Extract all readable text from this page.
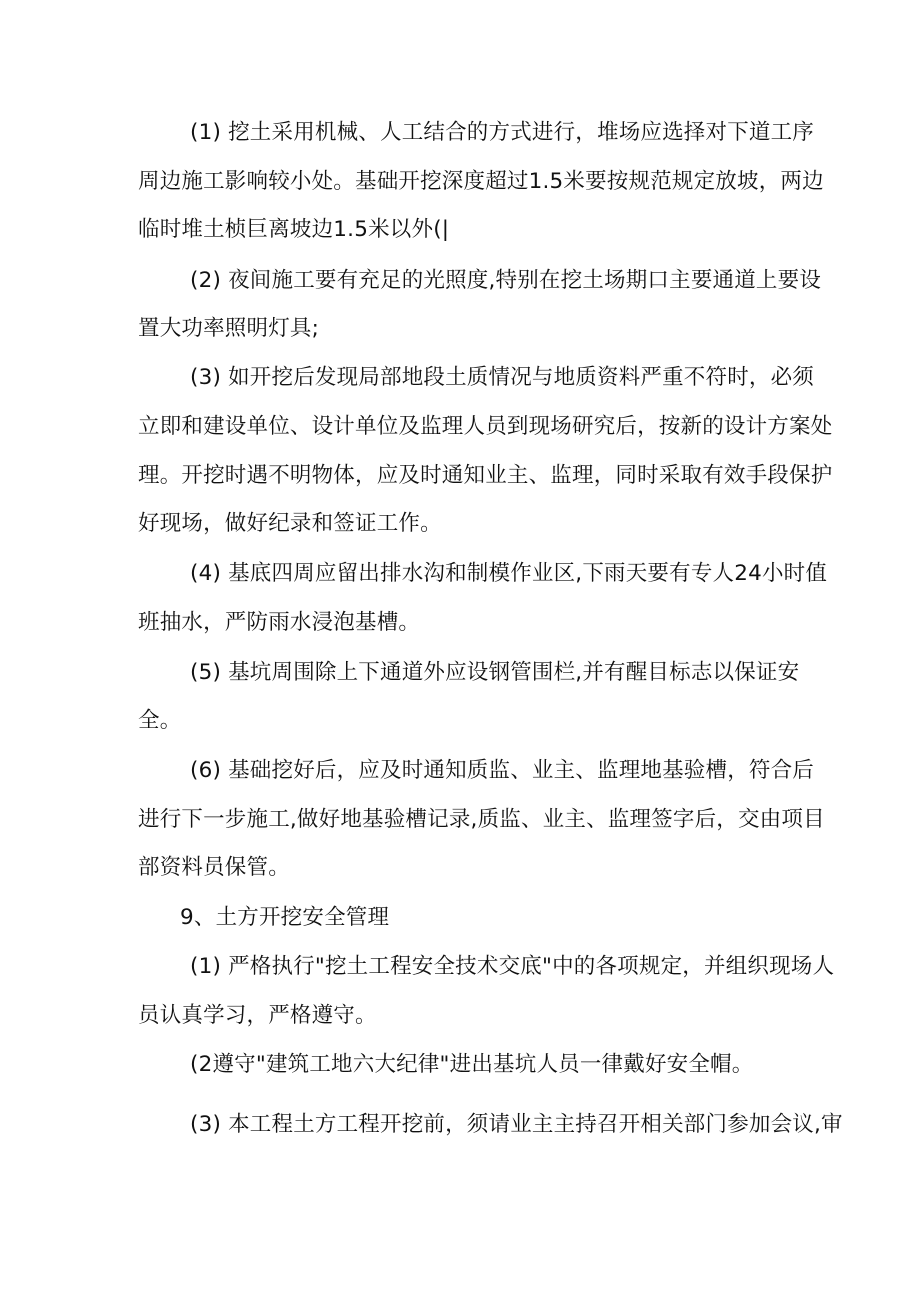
(1) 挖土采用机械、人工结合的方式进行，堆场应选择对下道工序
周边施工影响较小处。基础开挖深度超过1.5米要按规范规定放坡，两边
临时堆土桢巨离坡边1.5米以外(|
(2) 夜间施工要有充足的光照度,特别在挖土场期口主要通道上要设
置大功率照明灯具;
(3) 如开挖后发现局部地段土质情况与地质资料严重不符时，必须
立即和建设单位、设计单位及监理人员到现场研究后，按新的设计方案处
理。开挖时遇不明物体，应及时通知业主、监理，同时采取有效手段保护
好现场，做好纪录和签证工作。
(4) 基底四周应留出排水沟和制模作业区,下雨天要有专人24小时值
班抽水，严防雨水浸泡基槽。
(5) 基坑周围除上下通道外应设钢管围栏,并有醒目标志以保证安
全。
(6) 基础挖好后，应及时通知质监、业主、监理地基验槽，符合后
进行下一步施工,做好地基验槽记录,质监、业主、监理签字后，交由项目
部资料员保管。
9、土方开挖安全管理
(1) 严格执行"挖土工程安全技术交底"中的各项规定，并组织现场人
员认真学习，严格遵守。
(2遵守"建筑工地六大纪律"进出基坑人员一律戴好安全帽。
(3) 本工程土方工程开挖前，须请业主主持召开相关部门参加会议,审
